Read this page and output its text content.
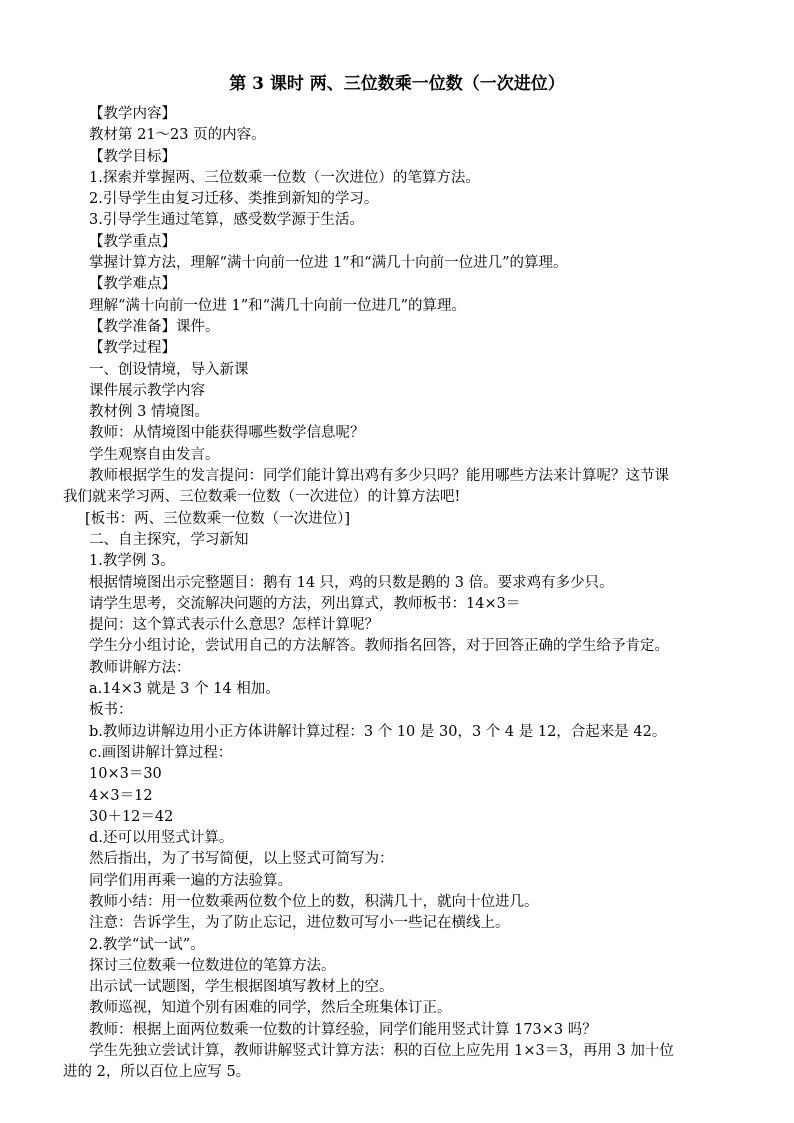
第 3 课时 两、三位数乘一位数（一次进位）
【教学内容】
教材第 21～23 页的内容。
【教学目标】
1.探索并掌握两、三位数乘一位数（一次进位）的笔算方法。
2.引导学生由复习迁移、类推到新知的学习。
3.引导学生通过笔算，感受数学源于生活。
【教学重点】
掌握计算方法，理解“满十向前一位进 1”和“满几十向前一位进几”的算理。
【教学难点】
理解“满十向前一位进 1”和“满几十向前一位进几”的算理。
【教学准备】课件。
【教学过程】
一、创设情境，导入新课
课件展示教学内容
教材例 3 情境图。
教师：从情境图中能获得哪些数学信息呢？
学生观察自由发言。
教师根据学生的发言提问：同学们能计算出鸡有多少只吗？能用哪些方法来计算呢？这节课
我们就来学习两、三位数乘一位数（一次进位）的计算方法吧!
[板书：两、三位数乘一位数（一次进位）]
二、自主探究，学习新知
1.教学例 3。
根据情境图出示完整题目：鹅有 14 只，鸡的只数是鹅的 3 倍。要求鸡有多少只。
请学生思考，交流解决问题的方法，列出算式，教师板书：14×3＝
提问：这个算式表示什么意思？怎样计算呢？
学生分小组讨论，尝试用自己的方法解答。教师指名回答，对于回答正确的学生给予肯定。
教师讲解方法：
a.14×3 就是 3 个 14 相加。
板书：
b.教师边讲解边用小正方体讲解计算过程：3 个 10 是 30，3 个 4 是 12，合起来是 42。
c.画图讲解计算过程：
10×3＝30
4×3＝12
30＋12＝42
d.还可以用竖式计算。
然后指出，为了书写简便，以上竖式可简写为：
同学们用再乘一遍的方法验算。
教师小结：用一位数乘两位数个位上的数，积满几十，就向十位进几。
注意：告诉学生，为了防止忘记，进位数可写小一些记在横线上。
2.教学“试一试”。
探讨三位数乘一位数进位的笔算方法。
出示试一试题图，学生根据图填写教材上的空。
教师巡视，知道个别有困难的同学，然后全班集体订正。
教师：根据上面两位数乘一位数的计算经验，同学们能用竖式计算 173×3 吗？
学生先独立尝试计算，教师讲解竖式计算方法：积的百位上应先用 1×3＝3，再用 3 加十位
进的 2，所以百位上应写 5。
